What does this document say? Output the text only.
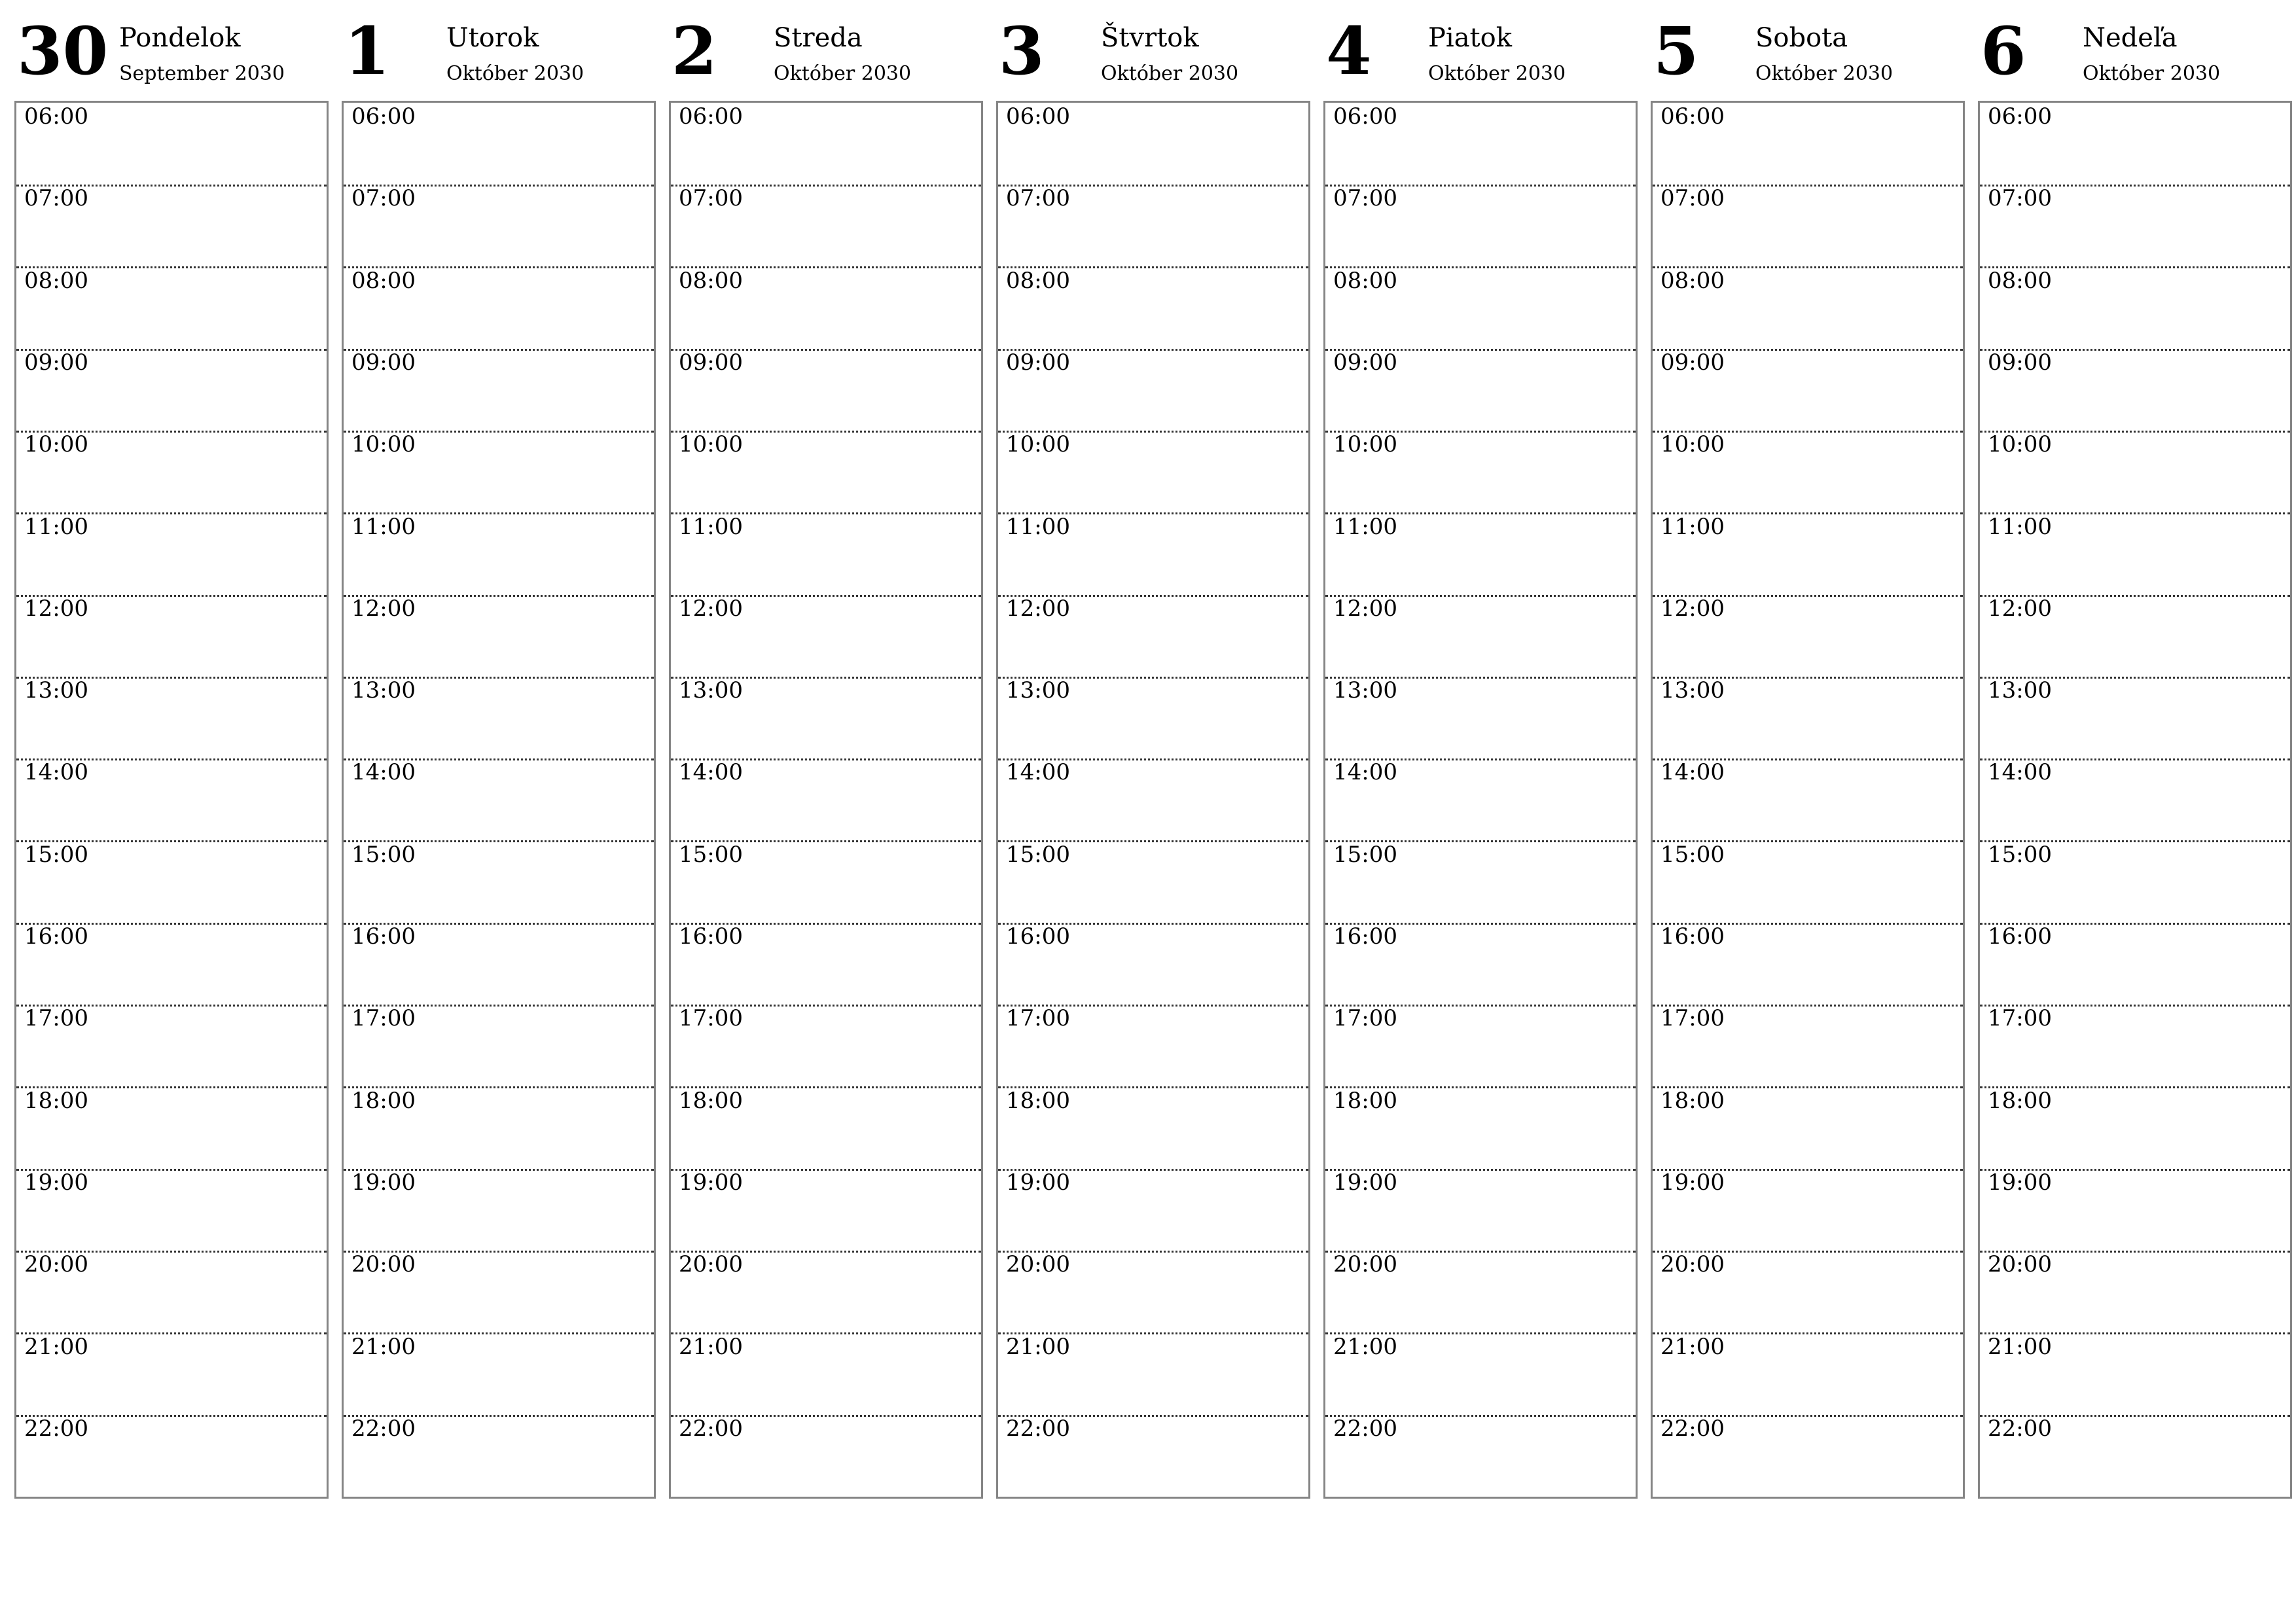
30 Pondelok
September 2030
06:00
07:00
08:00
09:00
10:00
11:00
12:00
13:00
14:00
15:00
16:00
17:00
18:00
19:00
20:00
21:00
22:00
1 Utorok
Október 2030
06:00
07:00
08:00
09:00
10:00
11:00
12:00
13:00
14:00
15:00
16:00
17:00
18:00
19:00
20:00
21:00
22:00
2 Streda
Október 2030
06:00
07:00
08:00
09:00
10:00
11:00
12:00
13:00
14:00
15:00
16:00
17:00
18:00
19:00
20:00
21:00
22:00
3 Štvrtok
Október 2030
06:00
07:00
08:00
09:00
10:00
11:00
12:00
13:00
14:00
15:00
16:00
17:00
18:00
19:00
20:00
21:00
22:00
4 Piatok
Október 2030
06:00
07:00
08:00
09:00
10:00
11:00
12:00
13:00
14:00
15:00
16:00
17:00
18:00
19:00
20:00
21:00
22:00
5 Sobota
Október 2030
06:00
07:00
08:00
09:00
10:00
11:00
12:00
13:00
14:00
15:00
16:00
17:00
18:00
19:00
20:00
21:00
22:00
6 Nedeľa
Október 2030
06:00
07:00
08:00
09:00
10:00
11:00
12:00
13:00
14:00
15:00
16:00
17:00
18:00
19:00
20:00
21:00
22:00
